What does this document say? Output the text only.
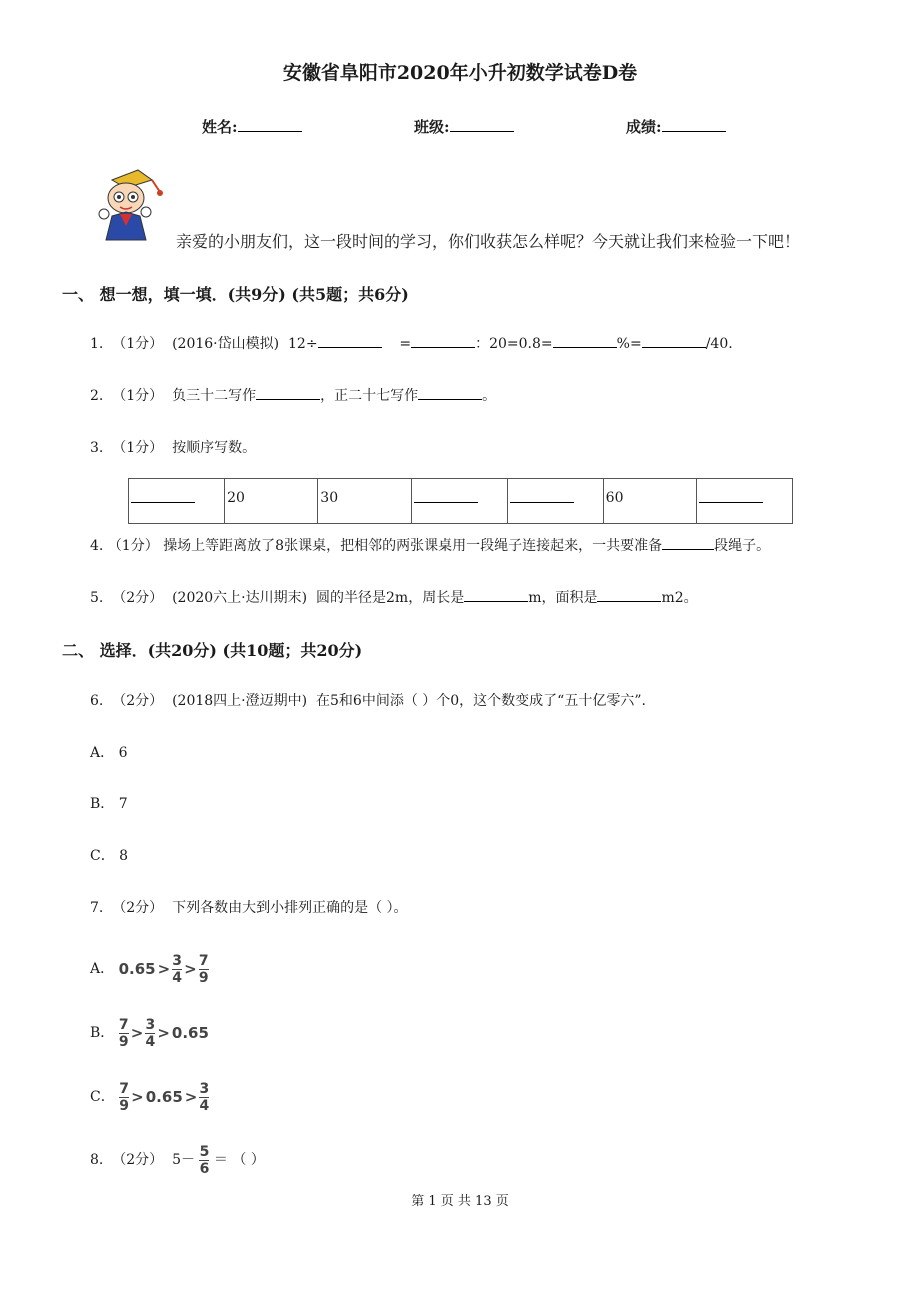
安徽省阜阳市2020年小升初数学试卷D卷
姓名:	班级:	成绩:
亲爱的小朋友们，这一段时间的学习，你们收获怎么样呢？今天就让我们来检验一下吧！
一、 想一想，填一填．(共9分) (共5题；共6分)
1. （1分） (2016·岱山模拟) 12÷	=	：20=0.8=	%=	/40.
2. （1分） 负三十二写作	，正二十七写作	。
3. （1分） 按顺序写数。
	20	30			60	
4. （1分） 操场上等距离放了8张课桌，把相邻的两张课桌用一段绳子连接起来，一共要准备	段绳子。
5. （2分） (2020六上·达川期末) 圆的半径是2m，周长是	m，面积是	m2。
二、 选择．(共20分) (共10题；共20分)
6. （2分） (2018四上·澄迈期中) 在5和6中间添（ ）个0，这个数变成了“五十亿零六”.
A． 6
B． 7
C． 8
7. （2分） 下列各数由大到小排列正确的是（ ）。
A． $0.65 > \frac{3}{4} > \frac{7}{9}$
B． $\frac{7}{9} > \frac{3}{4} > 0.65$
C． $\frac{7}{9} > 0.65 > \frac{3}{4}$
8. （2分） $5- \frac{5}{6}$ ＝ （ ）
第 1 页 共 13 页
